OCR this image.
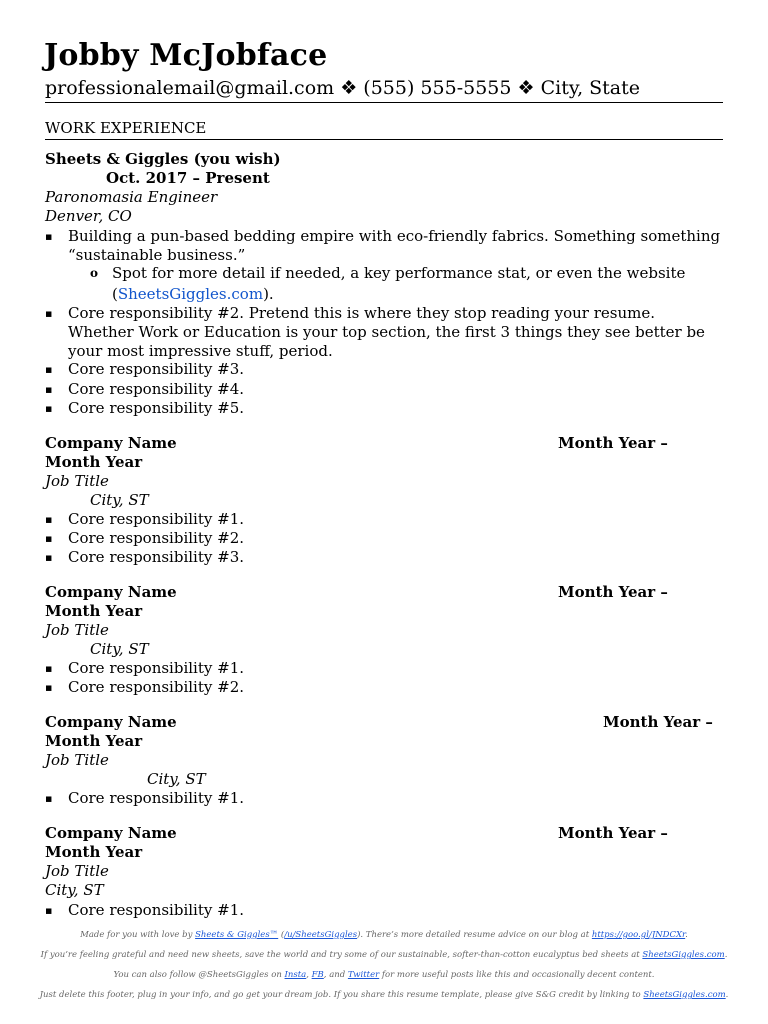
Jobby McJobface
professionalemail@gmail.com ❖ (555) 555-5555 ❖ City, State
WORK EXPERIENCE
Sheets & Giggles (you wish)
Oct. 2017 – Present
Paronomasia Engineer
Denver, CO
▪ Building a pun-based bedding empire with eco-friendly fabrics. Something something
“sustainable business.”
o Spot for more detail if needed, a key performance stat, or even the website
(SheetsGiggles.com).
▪ Core responsibility #2. Pretend this is where they stop reading your resume.
Whether Work or Education is your top section, the first 3 things they see better be
your most impressive stuff, period.
▪ Core responsibility #3.
▪ Core responsibility #4.
▪ Core responsibility #5.
Company Name	Month Year –
Month Year
Job Title
City, ST
▪ Core responsibility #1.
▪ Core responsibility #2.
▪ Core responsibility #3.
Company Name	Month Year –
Month Year
Job Title
City, ST
▪ Core responsibility #1.
▪ Core responsibility #2.
Company Name	Month Year –
Month Year
Job Title
City, ST
▪ Core responsibility #1.
Company Name	Month Year –
Month Year
Job Title
City, ST
▪ Core responsibility #1.
Made for you with love by Sheets & Giggles™ (/u/SheetsGiggles). There’s more detailed resume advice on our blog at https://goo.gl/JNDCXr.
If you’re feeling grateful and need new sheets, save the world and try some of our sustainable, softer-than-cotton eucalyptus bed sheets at SheetsGiggles.com.
You can also follow @SheetsGiggles on Insta, FB, and Twitter for more useful posts like this and occasionally decent content.
Just delete this footer, plug in your info, and go get your dream job. If you share this resume template, please give S&G credit by linking to SheetsGiggles.com.
